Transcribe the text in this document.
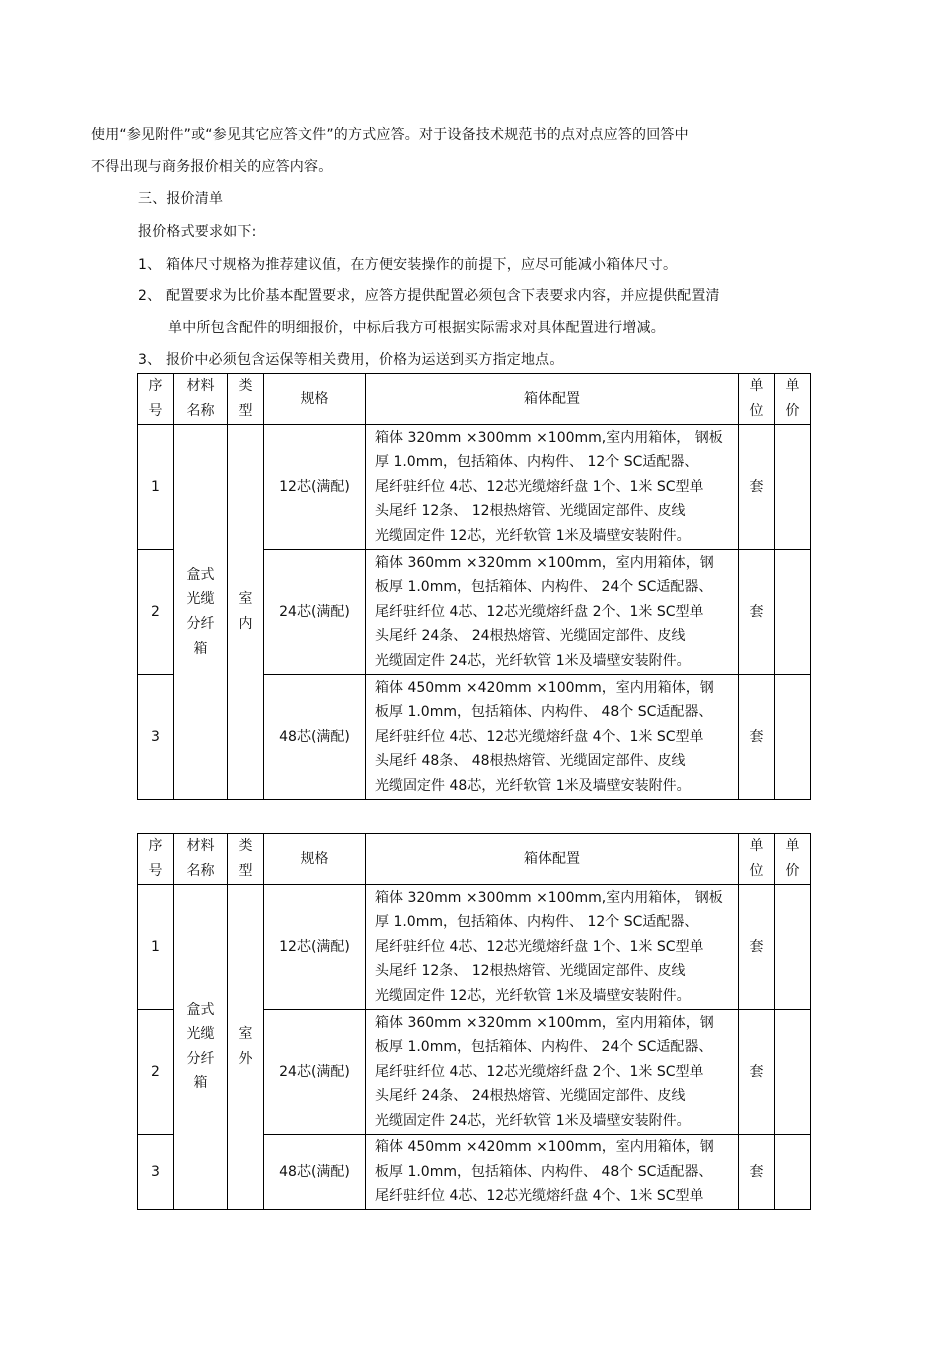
使用“参见附件”或“参见其它应答文件”的方式应答。对于设备技术规范书的点对点应答的回答中
不得出现与商务报价相关的应答内容。
三、报价清单
报价格式要求如下:
1、 箱体尺寸规格为推荐建议值，在方便安装操作的前提下，应尽可能减小箱体尺寸。
2、 配置要求为比价基本配置要求，应答方提供配置必须包含下表要求内容，并应提供配置清
单中所包含配件的明细报价，中标后我方可根据实际需求对具体配置进行增减。
3、 报价中必须包含运保等相关费用，价格为运送到买方指定地点。
序
号	材料
名称	类
型	规格	箱体配置	单
位	单
价
1	盒式
光缆
分纤
箱	室
内	12芯(满配)	箱体 320mm ×300mm ×100mm,室内用箱体， 钢板
厚 1.0mm，包括箱体、内构件、 12个 SC适配器、
尾纤驻纤位 4芯、12芯光缆熔纤盘 1个、1米 SC型单
头尾纤 12条、 12根热熔管、光缆固定部件、皮线
光缆固定件 12芯，光纤软管 1米及墙壁安装附件。	套	
2			24芯(满配)	箱体 360mm ×320mm ×100mm，室内用箱体，钢
板厚 1.0mm，包括箱体、内构件、 24个 SC适配器、
尾纤驻纤位 4芯、12芯光缆熔纤盘 2个、1米 SC型单
头尾纤 24条、 24根热熔管、光缆固定部件、皮线
光缆固定件 24芯，光纤软管 1米及墙壁安装附件。	套	
3			48芯(满配)	箱体 450mm ×420mm ×100mm，室内用箱体，钢
板厚 1.0mm，包括箱体、内构件、 48个 SC适配器、
尾纤驻纤位 4芯、12芯光缆熔纤盘 4个、1米 SC型单
头尾纤 48条、 48根热熔管、光缆固定部件、皮线
光缆固定件 48芯，光纤软管 1米及墙壁安装附件。	套	
序
号	材料
名称	类
型	规格	箱体配置	单
位	单
价
1	盒式
光缆
分纤
箱	室
外	12芯(满配)	箱体 320mm ×300mm ×100mm,室内用箱体， 钢板
厚 1.0mm，包括箱体、内构件、 12个 SC适配器、
尾纤驻纤位 4芯、12芯光缆熔纤盘 1个、1米 SC型单
头尾纤 12条、 12根热熔管、光缆固定部件、皮线
光缆固定件 12芯，光纤软管 1米及墙壁安装附件。	套	
2			24芯(满配)	箱体 360mm ×320mm ×100mm，室内用箱体，钢
板厚 1.0mm，包括箱体、内构件、 24个 SC适配器、
尾纤驻纤位 4芯、12芯光缆熔纤盘 2个、1米 SC型单
头尾纤 24条、 24根热熔管、光缆固定部件、皮线
光缆固定件 24芯，光纤软管 1米及墙壁安装附件。	套	
3			48芯(满配)	箱体 450mm ×420mm ×100mm，室内用箱体，钢
板厚 1.0mm，包括箱体、内构件、 48个 SC适配器、
尾纤驻纤位 4芯、12芯光缆熔纤盘 4个、1米 SC型单	套	
